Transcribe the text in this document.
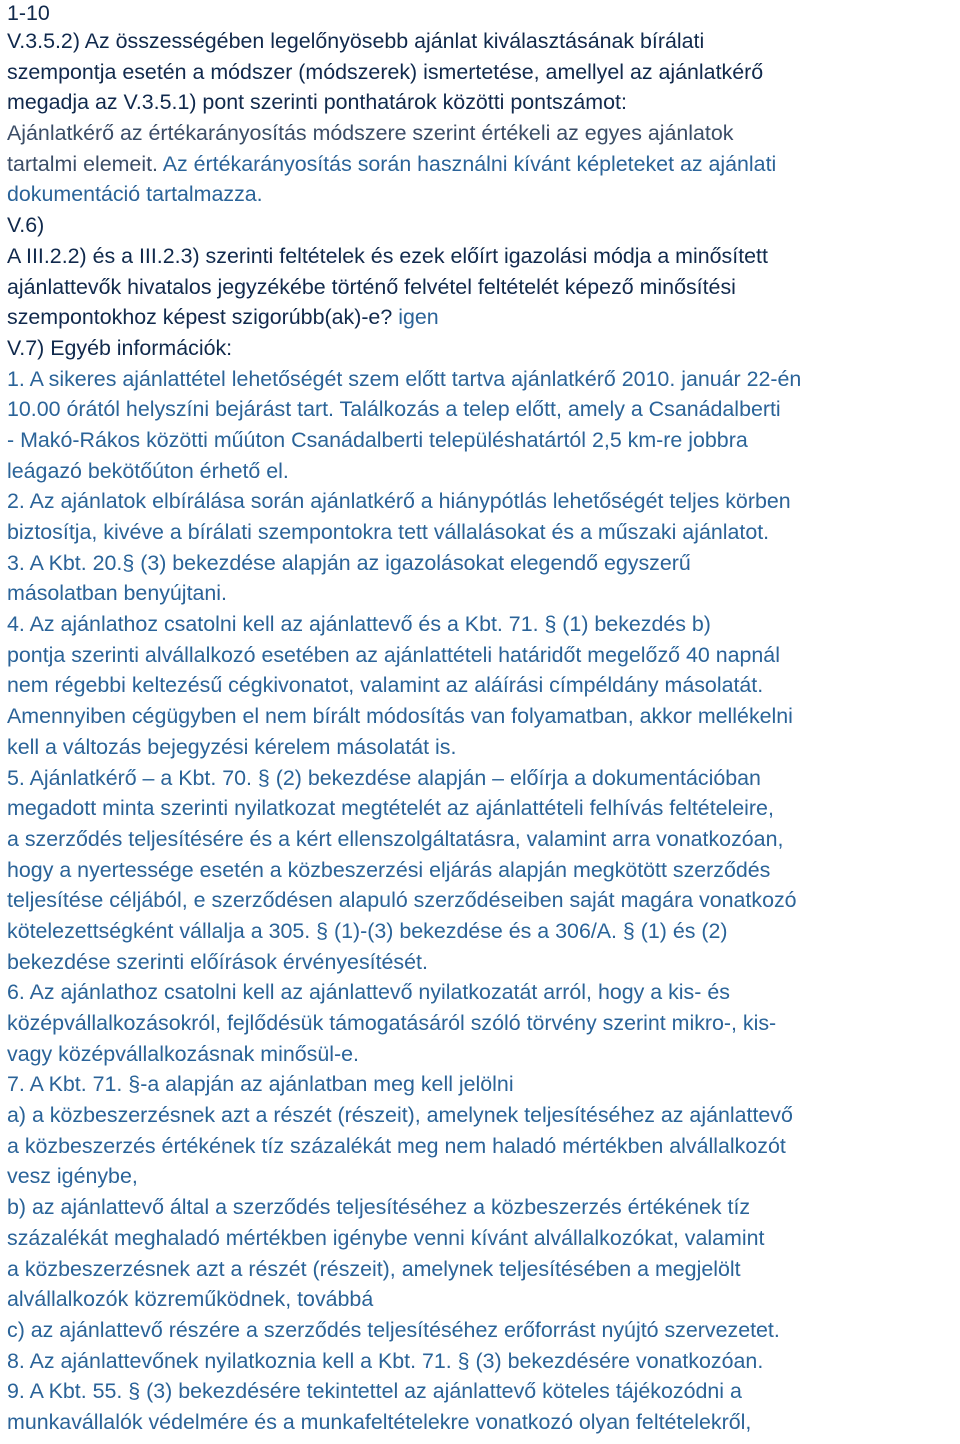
1-10
V.3.5.2) Az összességében legelőnyösebb ajánlat kiválasztásának bírálati
szempontja esetén a módszer (módszerek) ismertetése, amellyel az ajánlatkérő
megadja az V.3.5.1) pont szerinti ponthatárok közötti pontszámot:
Ajánlatkérő az értékarányosítás módszere szerint értékeli az egyes ajánlatok
tartalmi elemeit. Az értékarányosítás során használni kívánt képleteket az ajánlati
dokumentáció tartalmazza.
V.6)
A III.2.2) és a III.2.3) szerinti feltételek és ezek előírt igazolási módja a minősített
ajánlattevők hivatalos jegyzékébe történő felvétel feltételét képező minősítési
szempontokhoz képest szigorúbb(ak)-e? igen
V.7) Egyéb információk:
1. A sikeres ajánlattétel lehetőségét szem előtt tartva ajánlatkérő 2010. január 22-én
10.00 órától helyszíni bejárást tart. Találkozás a telep előtt, amely a Csanádalberti
- Makó-Rákos közötti műúton Csanádalberti településhatártól 2,5 km-re jobbra
leágazó bekötőúton érhető el.
2. Az ajánlatok elbírálása során ajánlatkérő a hiánypótlás lehetőségét teljes körben
biztosítja, kivéve a bírálati szempontokra tett vállalásokat és a műszaki ajánlatot.
3. A Kbt. 20.§ (3) bekezdése alapján az igazolásokat elegendő egyszerű
másolatban benyújtani.
4. Az ajánlathoz csatolni kell az ajánlattevő és a Kbt. 71. § (1) bekezdés b)
pontja szerinti alvállalkozó esetében az ajánlattételi határidőt megelőző 40 napnál
nem régebbi keltezésű cégkivonatot, valamint az aláírási címpéldány másolatát.
Amennyiben cégügyben el nem bírált módosítás van folyamatban, akkor mellékelni
kell a változás bejegyzési kérelem másolatát is.
5. Ajánlatkérő – a Kbt. 70. § (2) bekezdése alapján – előírja a dokumentációban
megadott minta szerinti nyilatkozat megtételét az ajánlattételi felhívás feltételeire,
a szerződés teljesítésére és a kért ellenszolgáltatásra, valamint arra vonatkozóan,
hogy a nyertessége esetén a közbeszerzési eljárás alapján megkötött szerződés
teljesítése céljából, e szerződésen alapuló szerződéseiben saját magára vonatkozó
kötelezettségként vállalja a 305. § (1)-(3) bekezdése és a 306/A. § (1) és (2)
bekezdése szerinti előírások érvényesítését.
6. Az ajánlathoz csatolni kell az ajánlattevő nyilatkozatát arról, hogy a kis- és
középvállalkozásokról, fejlődésük támogatásáról szóló törvény szerint mikro-, kis-
vagy középvállalkozásnak minősül-e.
7. A Kbt. 71. §-a alapján az ajánlatban meg kell jelölni
a) a közbeszerzésnek azt a részét (részeit), amelynek teljesítéséhez az ajánlattevő
a közbeszerzés értékének tíz százalékát meg nem haladó mértékben alvállalkozót
vesz igénybe,
b) az ajánlattevő által a szerződés teljesítéséhez a közbeszerzés értékének tíz
százalékát meghaladó mértékben igénybe venni kívánt alvállalkozókat, valamint
a közbeszerzésnek azt a részét (részeit), amelynek teljesítésében a megjelölt
alvállalkozók közreműködnek, továbbá
c) az ajánlattevő részére a szerződés teljesítéséhez erőforrást nyújtó szervezetet.
8. Az ajánlattevőnek nyilatkoznia kell a Kbt. 71. § (3) bekezdésére vonatkozóan.
9. A Kbt. 55. § (3) bekezdésére tekintettel az ajánlattevő köteles tájékozódni a
munkavállalók védelmére és a munkafeltételekre vonatkozó olyan feltételekről,
